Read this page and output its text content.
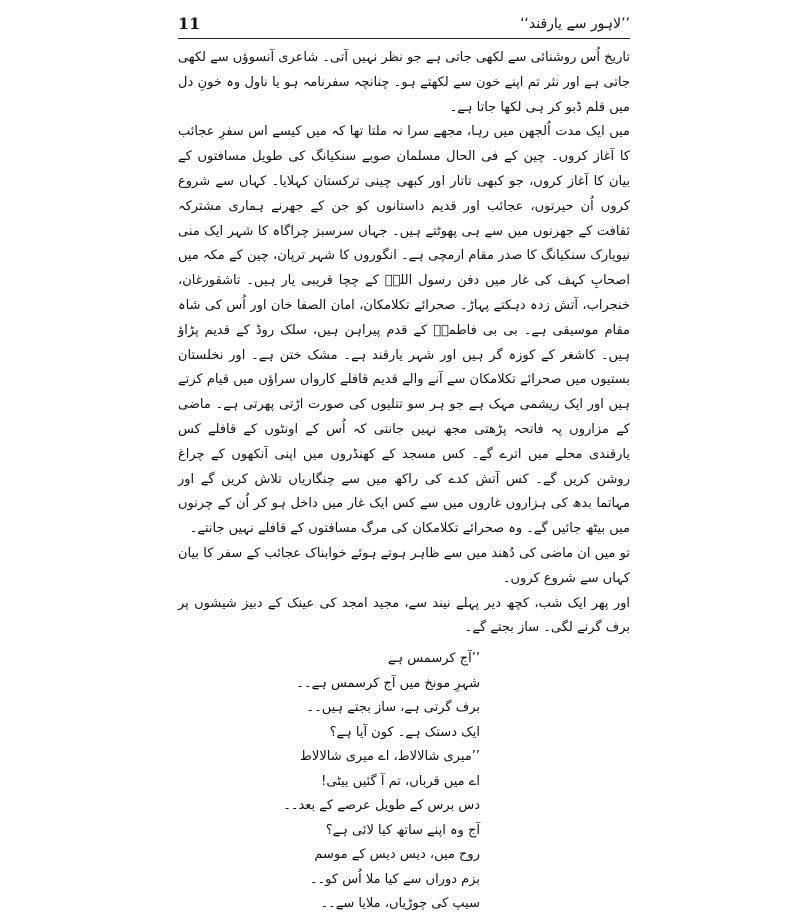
11	’’لاہور سے یارقند‘‘

تاریخ اُس روشنائی سے لکھی جاتی ہے جو نظر نہیں آتی۔ شاعری آنسوؤں سے لکھی جاتی ہے اور نثر تم اپنے خون سے لکھتے ہو۔ چنانچہ سفرنامہ ہو یا ناول وہ خونِ دل میں قلم ڈبو کر ہی لکھا جاتا ہے۔

میں ایک مدت اُلجھن میں رہا، مجھے سرا نہ ملتا تھا کہ میں کیسے اس سفرِ عجائب کا آغاز کروں۔ چین کے فی الحال مسلمان صوبے سنکیانگ کی طویل مسافتوں کے بیان کا آغاز کروں، جو کبھی تاتار اور کبھی چینی ترکستان کہلایا۔ کہاں سے شروع کروں اُن حیرتوں، عجائب اور قدیم داستانوں کو جن کے جھرنے ہماری مشترکہ ثقافت کے جھرنوں میں سے ہی پھوٹتے ہیں۔ جہاں سرسبز چراگاہ کا شہر ایک منی نیویارک سنکیانگ کا صدر مقام ارمچی ہے۔ انگوروں کا شہر ترپان، چین کے مکہ میں اصحابِ کہف کی غار میں دفن رسول اللہؐ کے چچا قریبی یار ہیں۔ تاشقورغان، خنجراب، آتش زدہ دہکتے پہاڑ۔ صحرائے تکلامکان، امان الصفا خان اور اُس کی شاہ مقام موسیقی ہے۔ بی بی فاطمہؓ کے قدم پیراہن ہیں، سلک روڈ کے قدیم پڑاؤ ہیں۔ کاشغر کے کوزہ گر ہیں اور شہر یارقند ہے۔ مشک ختن ہے۔ اور نخلستان بستیوں میں صحرائے تکلامکان سے آنے والے قدیم قافلے کارواں سراؤں میں قیام کرتے ہیں اور ایک ریشمی مہک ہے جو ہر سو تتلیوں کی صورت اڑتی پھرتی ہے۔ ماضی کے مزاروں پہ فاتحہ پڑھتی مجھ نہیں جانتی کہ اُس کے اونٹوں کے قافلے کس یارقندی محلے میں اترے گے۔ کس مسجد کے کھنڈروں میں اپنی آنکھوں کے چراغ روشن کریں گے۔ کس آتش کدے کی راکھ میں سے چنگاریاں تلاش کریں گے اور مہاتما بدھ کی ہزاروں غاروں میں سے کس ایک غار میں داخل ہو کر اُن کے چرنوں میں بیٹھ جائیں گے۔ وہ صحرائے تکلامکان کی مرگ مسافتوں کے قافلے نہیں جانتے۔

تو میں ان ماضی کی دُھند میں سے ظاہر ہوتے ہوئے خوابناک عجائب کے سفر کا بیان کہاں سے شروع کروں۔

اور پھر ایک شب، کچھ دیر پہلے نیند سے، مجید امجد کی عینک کے دبیز شیشوں پر برف گرنے لگی۔ ساز بجتے گے۔

’’آج کرسمس ہے

شہرِ مونخ میں آج کرسمس ہے۔۔

برف گرتی ہے، ساز بجتے ہیں۔۔

ایک دستک ہے۔ کون آیا ہے؟

’’میری شالالاط، اے میری شالالاط

اے میں قرباں، تم آ گئیں بیٹی!

دس برس کے طویل عرصے کے بعد۔۔

آج وہ اپنے ساتھ کیا لائی ہے؟

روح میں، دیس دیس کے موسم

بزم دوراں سے کیا ملا اُس کو۔۔

سیپ کی چوڑیاں، ملایا سے۔۔
